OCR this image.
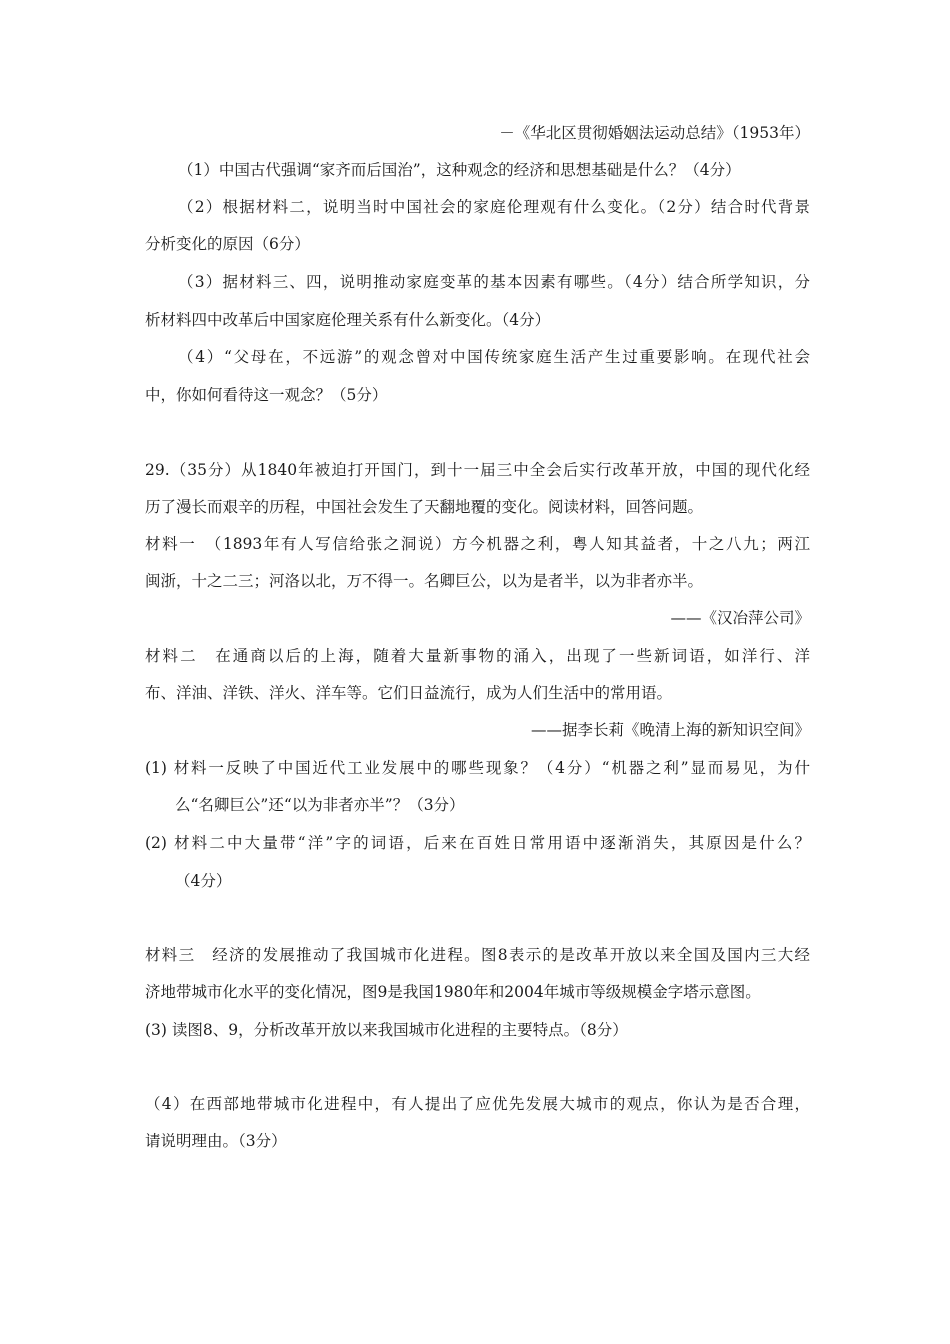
－《华北区贯彻婚姻法运动总结》（1953年）
（1）中国古代强调“家齐而后国治”，这种观念的经济和思想基础是什么？（4分）
（2）根据材料二，说明当时中国社会的家庭伦理观有什么变化。（2分）结合时代背景
分析变化的原因（6分）
（3）据材料三、四，说明推动家庭变革的基本因素有哪些。（4分）结合所学知识，分
析材料四中改革后中国家庭伦理关系有什么新变化。（4分）
（4）“父母在，不远游”的观念曾对中国传统家庭生活产生过重要影响。在现代社会
中，你如何看待这一观念？（5分）
29.（35分）从1840年被迫打开国门，到十一届三中全会后实行改革开放，中国的现代化经
历了漫长而艰辛的历程，中国社会发生了天翻地覆的变化。阅读材料，回答问题。
材料一　（1893年有人写信给张之洞说）方今机器之利，粤人知其益者，十之八九；两江
闽浙，十之二三；河洛以北，万不得一。名卿巨公，以为是者半，以为非者亦半。
——《汉冶萍公司》
材料二　在通商以后的上海，随着大量新事物的涌入，出现了一些新词语，如洋行、洋
布、洋油、洋铁、洋火、洋车等。它们日益流行，成为人们生活中的常用语。
——据李长莉《晚清上海的新知识空间》
(1) 材料一反映了中国近代工业发展中的哪些现象？（4分）“机器之利”显而易见，为什
么“名卿巨公”还“以为非者亦半”？（3分）
(2) 材料二中大量带“洋”字的词语，后来在百姓日常用语中逐渐消失，其原因是什么？
（4分）
材料三　经济的发展推动了我国城市化进程。图8表示的是改革开放以来全国及国内三大经
济地带城市化水平的变化情况，图9是我国1980年和2004年城市等级规模金字塔示意图。
(3) 读图8、9，分析改革开放以来我国城市化进程的主要特点。（8分）
（4）在西部地带城市化进程中，有人提出了应优先发展大城市的观点，你认为是否合理，
请说明理由。（3分）
